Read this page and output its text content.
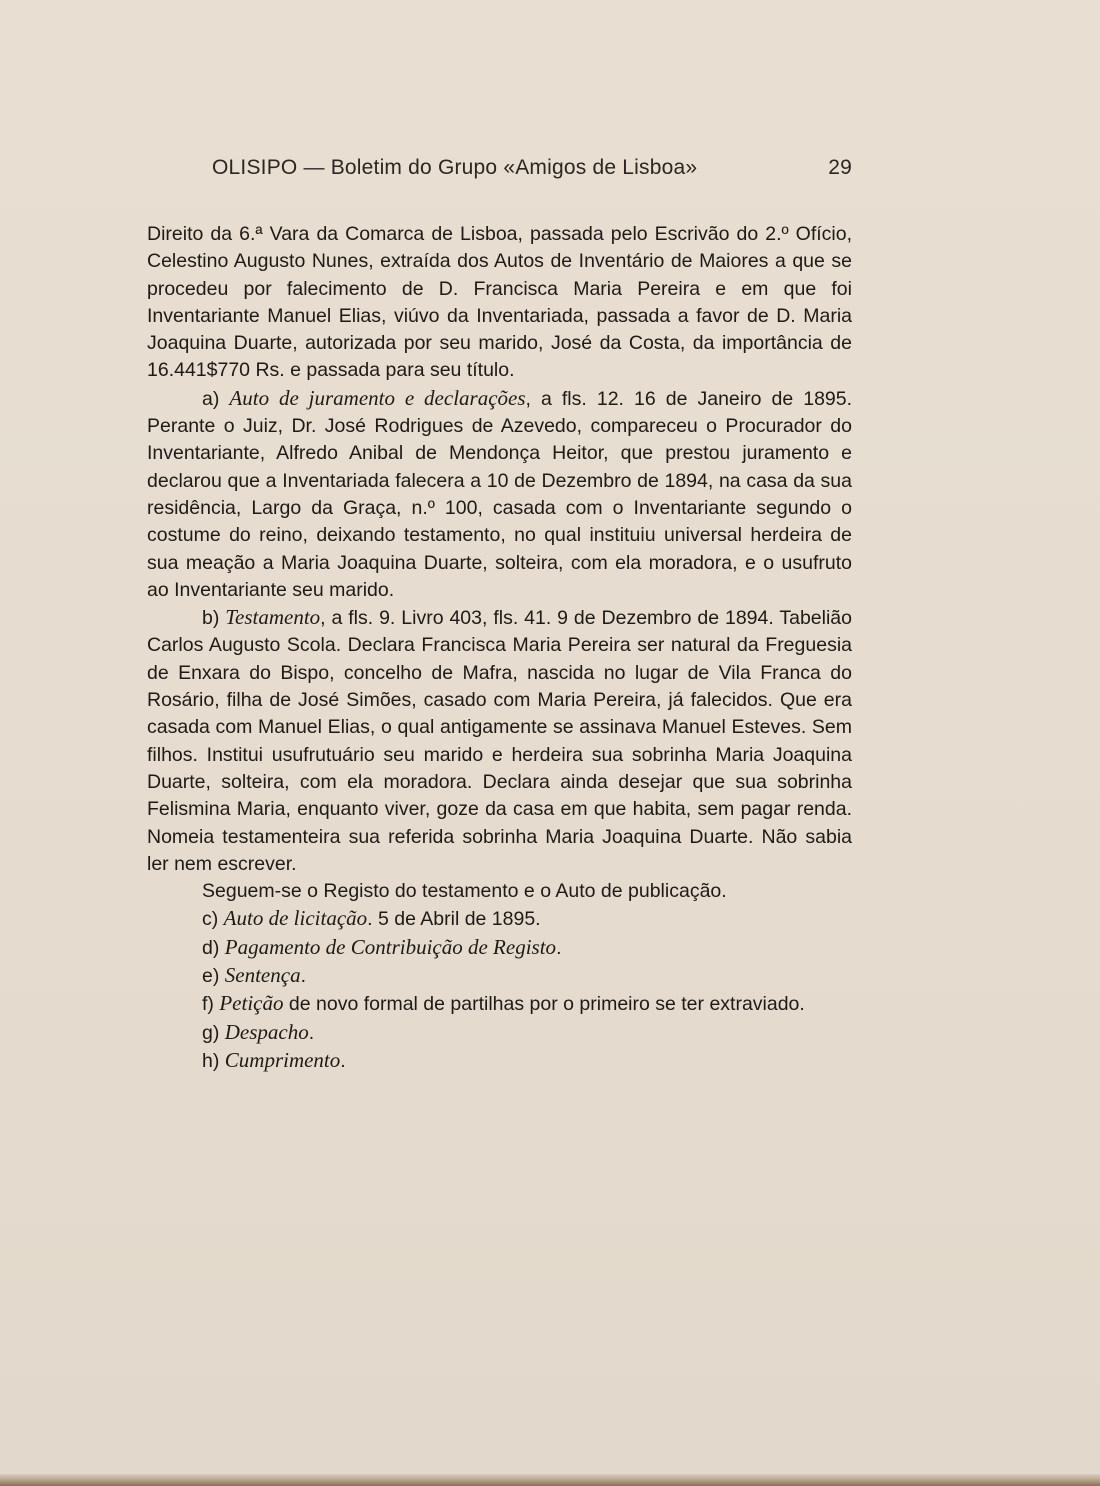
OLISIPO — Boletim do Grupo «Amigos de Lisboa»	29

Direito da 6.ª Vara da Comarca de Lisboa, passada pelo Escrivão do 2.º Ofício, Celestino Augusto Nunes, extraída dos Autos de Inventário de Maiores a que se procedeu por falecimento de D. Francisca Maria Pereira e em que foi Inventariante Manuel Elias, viúvo da Inventariada, passada a favor de D. Maria Joaquina Duarte, autorizada por seu marido, José da Costa, da importância de 16.441$770 Rs. e passada para seu título.

a) Auto de juramento e declarações, a fls. 12. 16 de Janeiro de 1895. Perante o Juiz, Dr. José Rodrigues de Azevedo, compareceu o Procurador do Inventariante, Alfredo Anibal de Mendonça Heitor, que prestou juramento e declarou que a Inventariada falecera a 10 de Dezembro de 1894, na casa da sua residência, Largo da Graça, n.º 100, casada com o Inventariante segundo o costume do reino, deixando testamento, no qual instituiu universal herdeira de sua meação a Maria Joaquina Duarte, solteira, com ela moradora, e o usufruto ao Inventariante seu marido.

b) Testamento, a fls. 9. Livro 403, fls. 41. 9 de Dezembro de 1894. Tabelião Carlos Augusto Scola. Declara Francisca Maria Pereira ser natural da Freguesia de Enxara do Bispo, concelho de Mafra, nascida no lugar de Vila Franca do Rosário, filha de José Simões, casado com Maria Pereira, já falecidos. Que era casada com Manuel Elias, o qual antigamente se assinava Manuel Esteves. Sem filhos. Institui usufrutuário seu marido e herdeira sua sobrinha Maria Joaquina Duarte, solteira, com ela moradora. Declara ainda desejar que sua sobrinha Felismina Maria, enquanto viver, goze da casa em que habita, sem pagar renda. Nomeia testamenteira sua referida sobrinha Maria Joaquina Duarte. Não sabia ler nem escrever.

Seguem-se o Registo do testamento e o Auto de publicação.

c) Auto de licitação. 5 de Abril de 1895.

d) Pagamento de Contribuição de Registo.

e) Sentença.

f) Petição de novo formal de partilhas por o primeiro se ter extraviado.

g) Despacho.

h) Cumprimento.
